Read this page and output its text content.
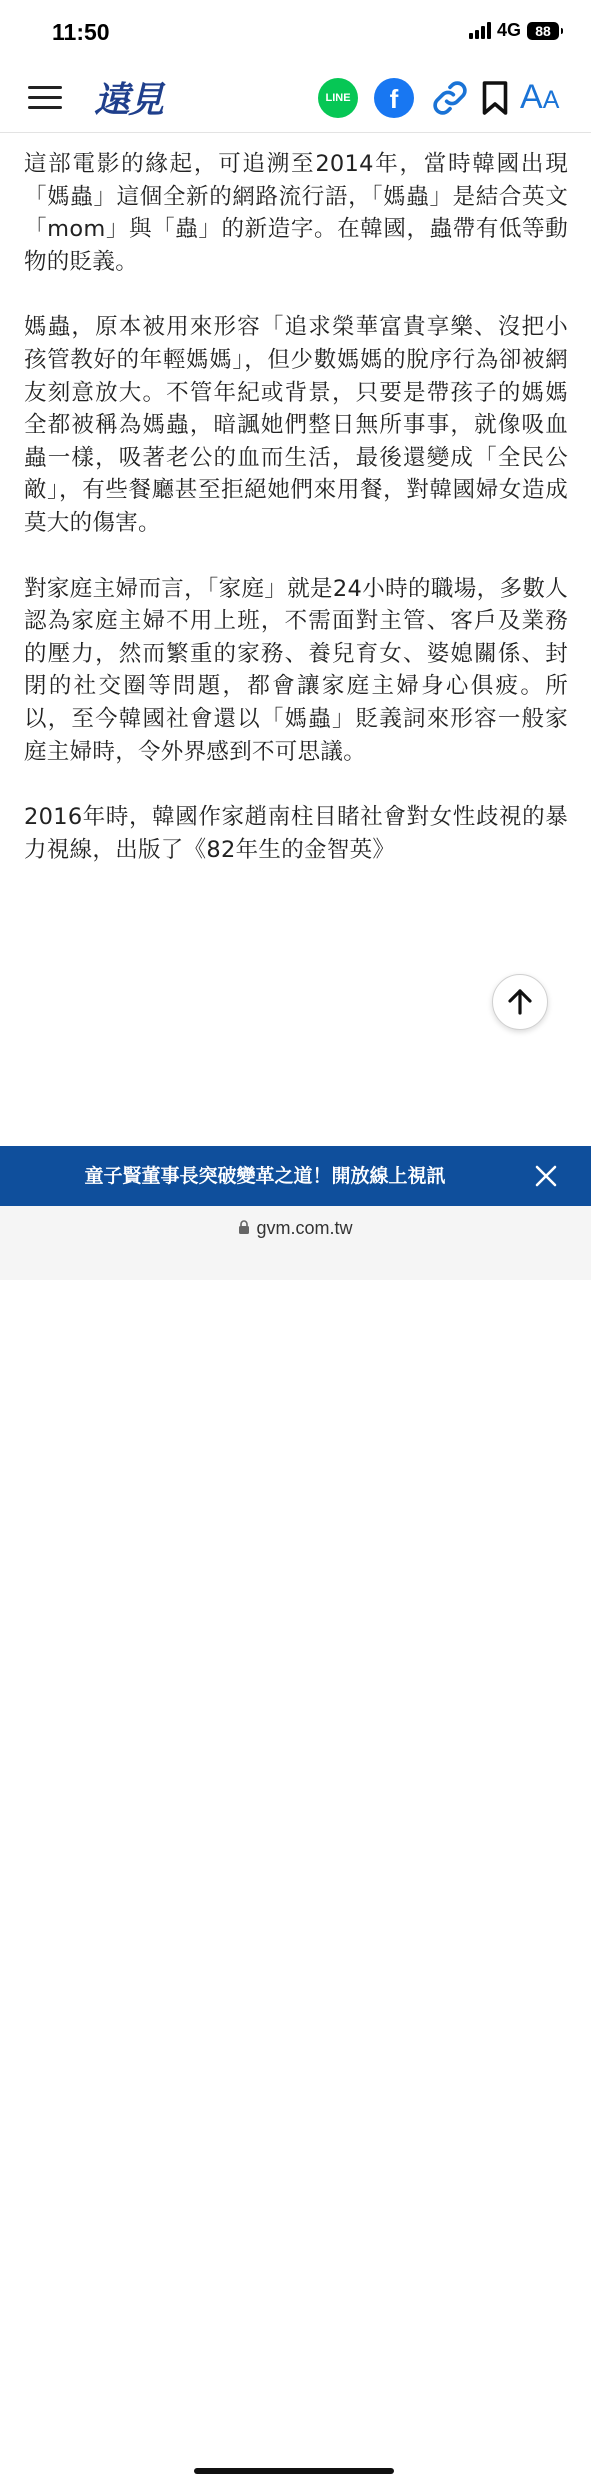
11:50	4G	88
遠見	LINE	f	AA

這部電影的緣起，可追溯至2014年，當時韓國出現「媽蟲」這個全新的網路流行語，「媽蟲」是結合英文「mom」與「蟲」的新造字。在韓國，蟲帶有低等動物的貶義。

媽蟲，原本被用來形容「追求榮華富貴享樂、沒把小孩管教好的年輕媽媽」，但少數媽媽的脫序行為卻被網友刻意放大。不管年紀或背景，只要是帶孩子的媽媽全都被稱為媽蟲，暗諷她們整日無所事事，就像吸血蟲一樣，吸著老公的血而生活，最後還變成「全民公敵」，有些餐廳甚至拒絕她們來用餐，對韓國婦女造成莫大的傷害。

對家庭主婦而言，「家庭」就是24小時的職場，多數人認為家庭主婦不用上班，不需面對主管、客戶及業務的壓力，然而繁重的家務、養兒育女、婆媳關係、封閉的社交圈等問題，都會讓家庭主婦身心俱疲。所以，至今韓國社會還以「媽蟲」貶義詞來形容一般家庭主婦時，令外界感到不可思議。

2016年時，韓國作家趙南柱目睹社會對女性歧視的暴力視線，出版了《82年生的金智英》

童子賢董事長突破變革之道！開放線上視訊
gvm.com.tw
